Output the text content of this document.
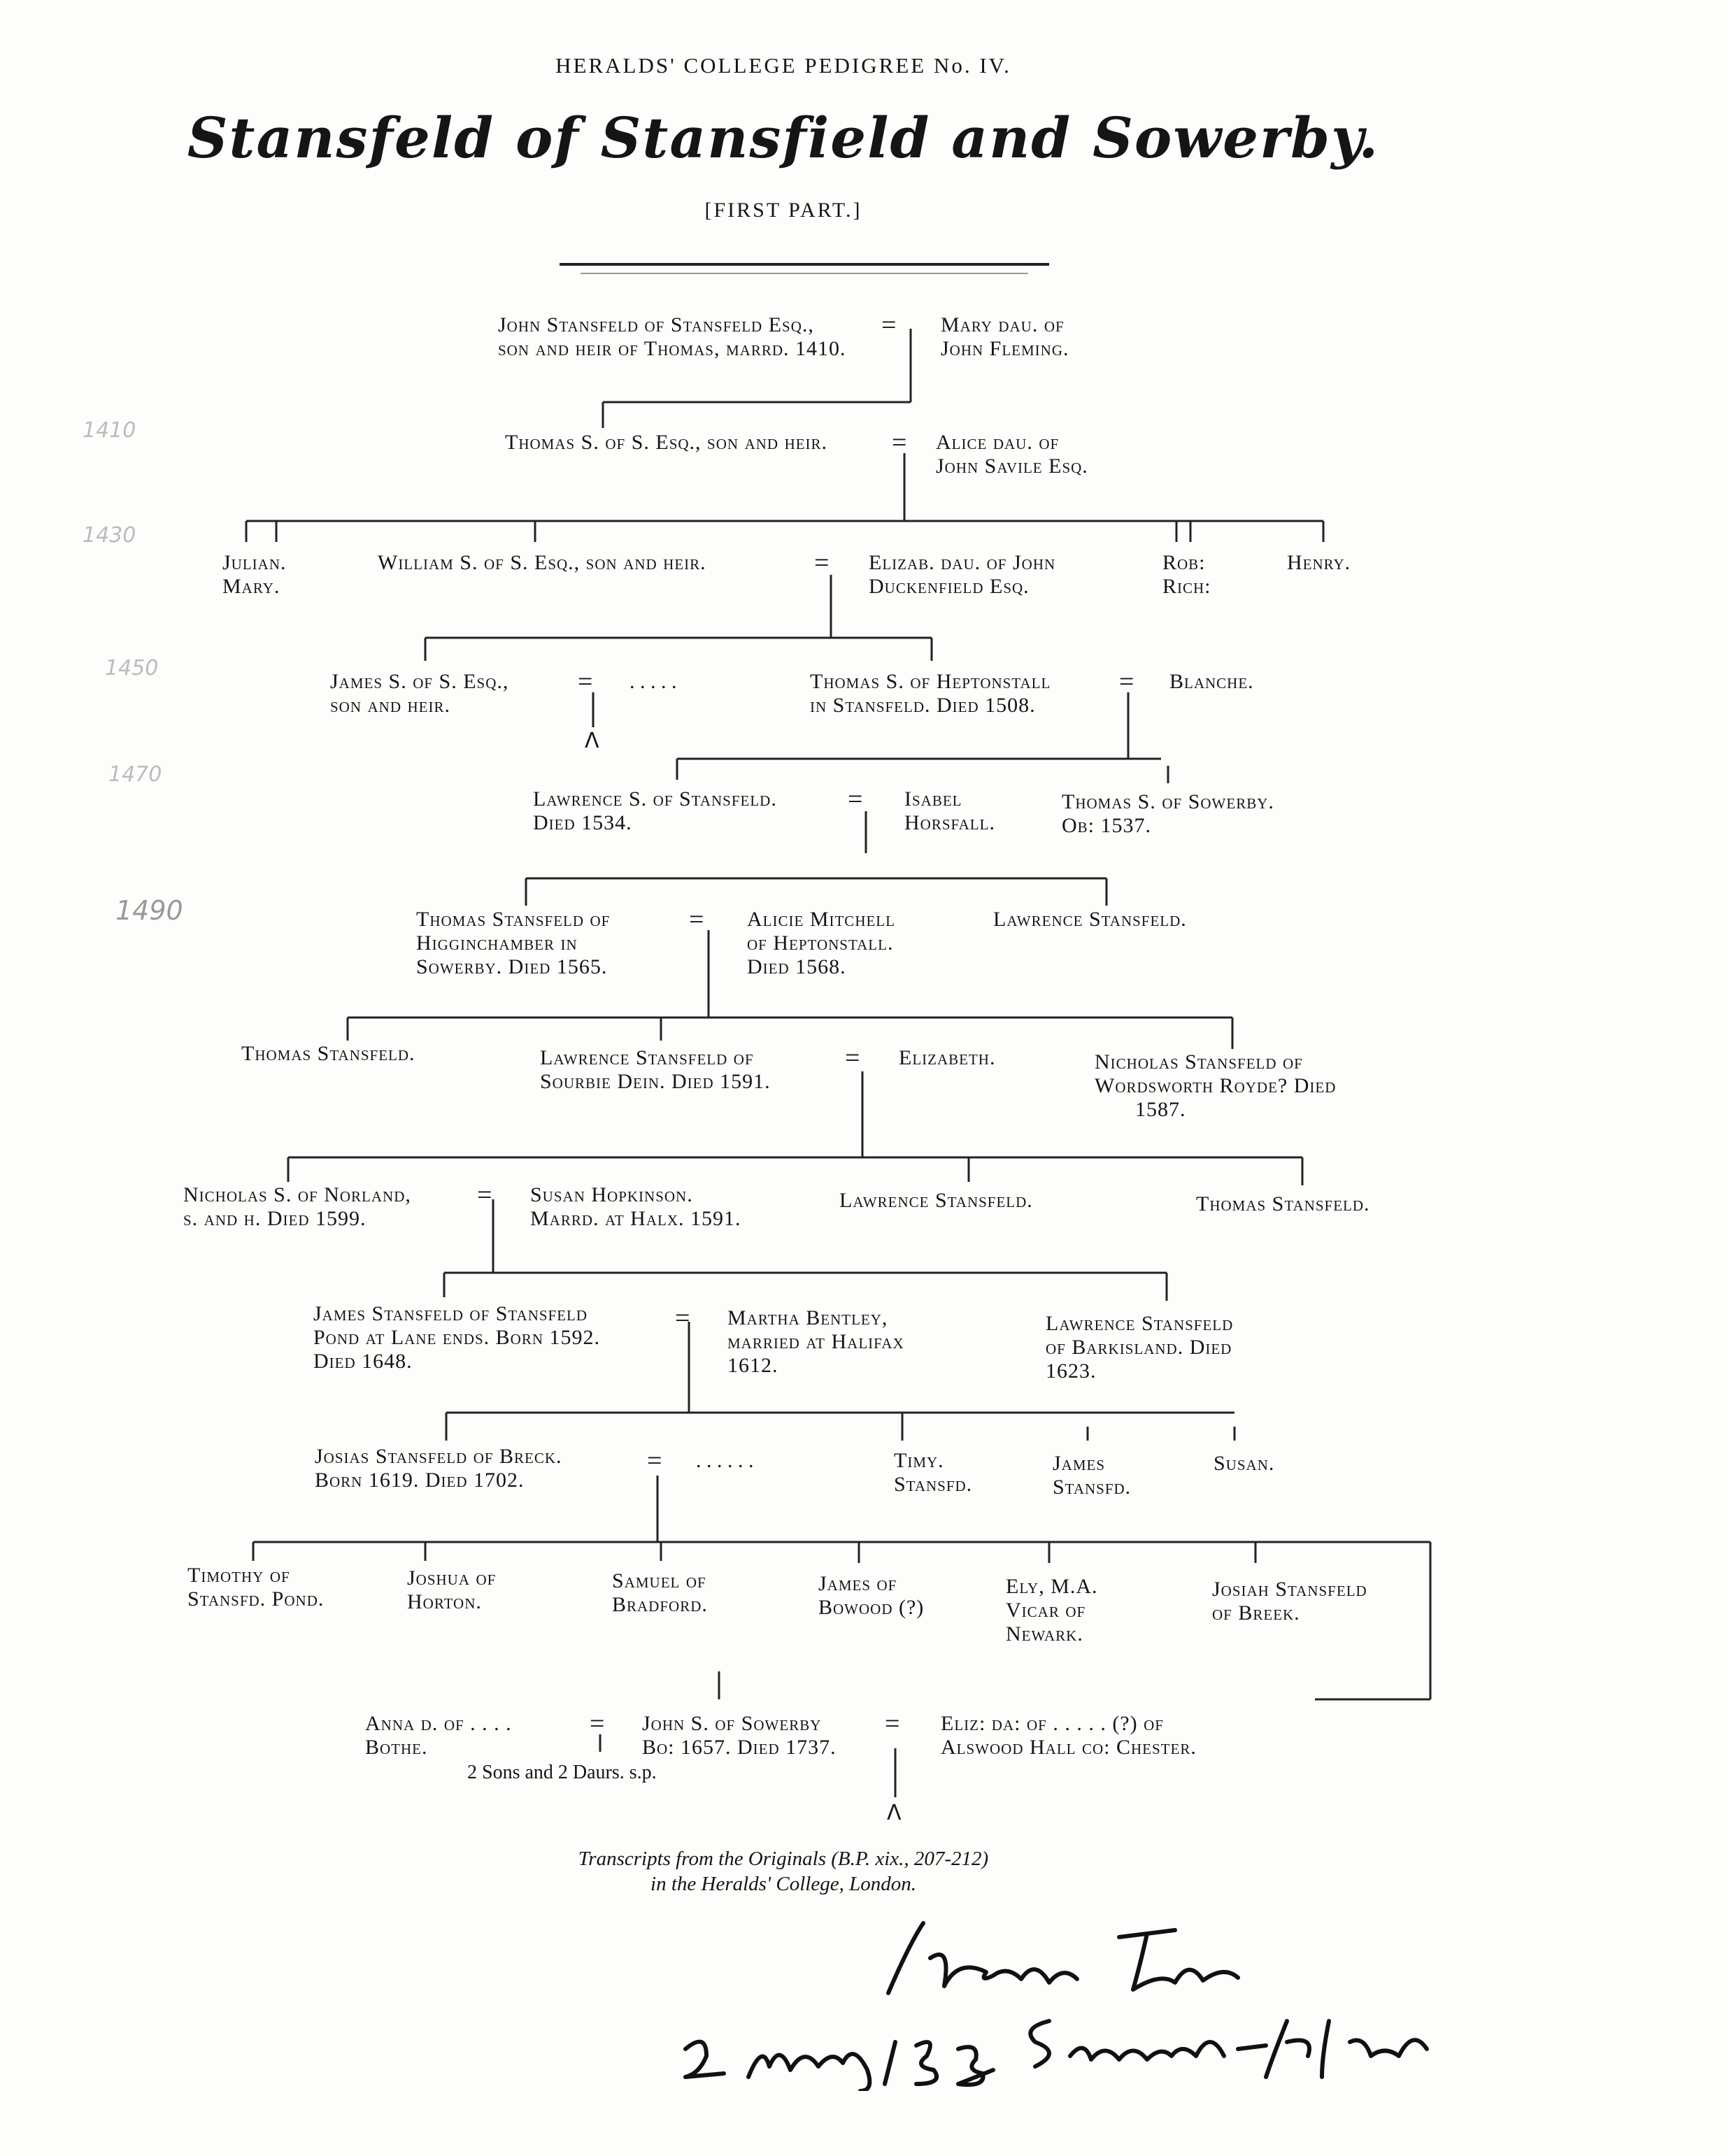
HERALDS' COLLEGE PEDIGREE No. IV.
Stansfeld of Stansfield and Sowerby.
[FIRST PART.]
1410
1430
1450
1470
1490
John Stansfeld of Stansfeld Esq.,
son and heir of Thomas, marrd. 1410.
= Mary dau. of
John Fleming.
Thomas S. of S. Esq., son and heir. = Alice dau. of
John Savile Esq.
Julian.
Mary.
William S. of S. Esq., son and heir.	= Elizab. dau. of John
Duckenfield Esq.
Rob:
Rich:
Henry.
James S. of S. Esq.,
son and heir.
= . . . . .
Λ
Thomas S. of Heptonstall
in Stansfeld. Died 1508.
= Blanche.
Lawrence S. of Stansfeld.
Died 1534.
= Isabel
Horsfall.
Thomas S. of Sowerby.
Ob: 1537.
Thomas Stansfeld of
Higginchamber in
Sowerby. Died 1565.
= Alicie Mitchell
of Heptonstall.
Died 1568.
Lawrence Stansfeld.
Thomas Stansfeld.	Lawrence Stansfeld of
Sourbie Dein. Died 1591.
= Elizabeth.	Nicholas Stansfeld of
Wordsworth Royde? Died
1587.
Nicholas S. of Norland,
s. and h. Died 1599.
= Susan Hopkinson.
Marrd. at Halx. 1591.
Lawrence Stansfeld.	Thomas Stansfeld.
James Stansfeld of Stansfeld
Pond at Lane ends. Born 1592.
Died 1648.
= Martha Bentley,
married at Halifax
1612.
Lawrence Stansfeld
of Barkisland. Died
1623.
Josias Stansfeld of Breck.
Born 1619. Died 1702.
= . . . . . .	Timy.
Stansfd.
James
Stansfd.
Susan.
Timothy of
Stansfd. Pond.
Joshua of
Horton.
Samuel of
Bradford.
James of
Bowood (?)
Ely, M.A.
Vicar of
Newark.
Josiah Stansfeld
of Breek.
Anna d. of . . . .
Bothe.
= John S. of Sowerby
Bo: 1657. Died 1737.
= Eliz: da: of . . . . . (?) of
Alswood Hall co: Chester.
2 Sons and 2 Daurs. s.p.
Λ
Transcripts from the Originals (B.P. xix., 207-212)
in the Heralds' College, London.
